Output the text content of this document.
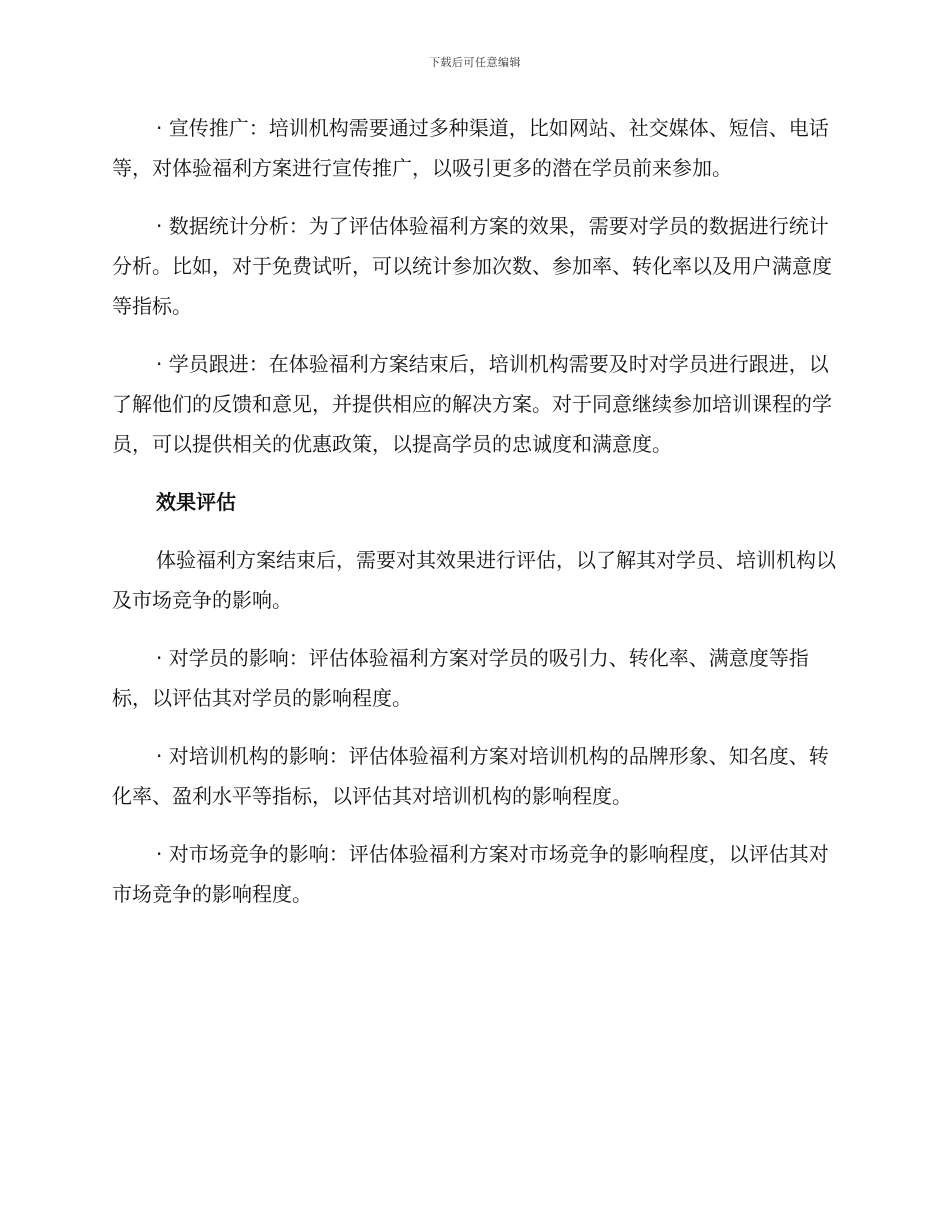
下载后可任意编辑

· 宣传推广：培训机构需要通过多种渠道，比如网站、社交媒体、短信、电话等，对体验福利方案进行宣传推广，以吸引更多的潜在学员前来参加。

· 数据统计分析：为了评估体验福利方案的效果，需要对学员的数据进行统计分析。比如，对于免费试听，可以统计参加次数、参加率、转化率以及用户满意度等指标。

· 学员跟进：在体验福利方案结束后，培训机构需要及时对学员进行跟进，以了解他们的反馈和意见，并提供相应的解决方案。对于同意继续参加培训课程的学员，可以提供相关的优惠政策，以提高学员的忠诚度和满意度。

效果评估

体验福利方案结束后，需要对其效果进行评估，以了解其对学员、培训机构以及市场竞争的影响。

· 对学员的影响：评估体验福利方案对学员的吸引力、转化率、满意度等指标，以评估其对学员的影响程度。

· 对培训机构的影响：评估体验福利方案对培训机构的品牌形象、知名度、转化率、盈利水平等指标，以评估其对培训机构的影响程度。

· 对市场竞争的影响：评估体验福利方案对市场竞争的影响程度，以评估其对市场竞争的影响程度。
